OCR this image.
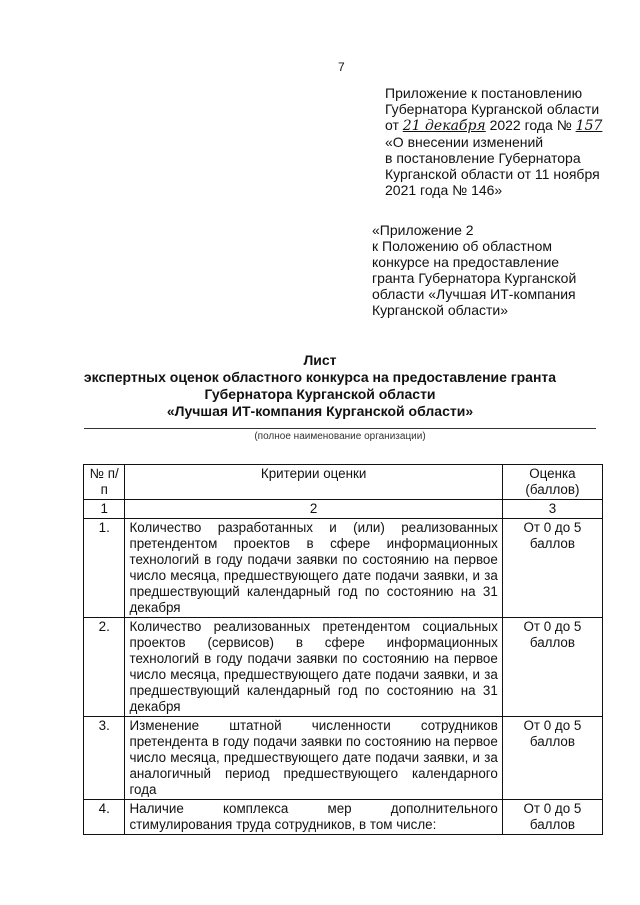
7

Приложение к постановлению

Губернатора Курганской области

от 21 декабря 2022 года № 157

«О внесении изменений

в постановление Губернатора

Курганской области от 11 ноября

2021 года № 146»

«Приложение 2

к Положению об областном

конкурсе на предоставление

гранта Губернатора Курганской

области «Лучшая ИТ-компания

Курганской области»

Лист

экспертных оценок областного конкурса на предоставление гранта

Губернатора Курганской области

«Лучшая ИТ-компания Курганской области»

(полное наименование организации)
№ п/п	Критерии оценки	Оценка (баллов)
1	2	3
1.	Количество разработанных и (или) реализованных претендентом проектов в сфере информационных технологий в году подачи заявки по состоянию на первое число месяца, предшествующего дате подачи заявки, и за предшествующий календарный год по состоянию на 31 декабря	От 0 до 5 баллов
2.	Количество реализованных претендентом социальных проектов (сервисов) в сфере информационных технологий в году подачи заявки по состоянию на первое число месяца, предшествующего дате подачи заявки, и за предшествующий календарный год по состоянию на 31 декабря	От 0 до 5 баллов
3.	Изменение штатной численности сотрудников претендента в году подачи заявки по состоянию на первое число месяца, предшествующего дате подачи заявки, и за аналогичный период предшествующего календарного года	От 0 до 5 баллов
4.	Наличие комплекса мер дополнительного стимулирования труда сотрудников, в том числе:	От 0 до 5 баллов
